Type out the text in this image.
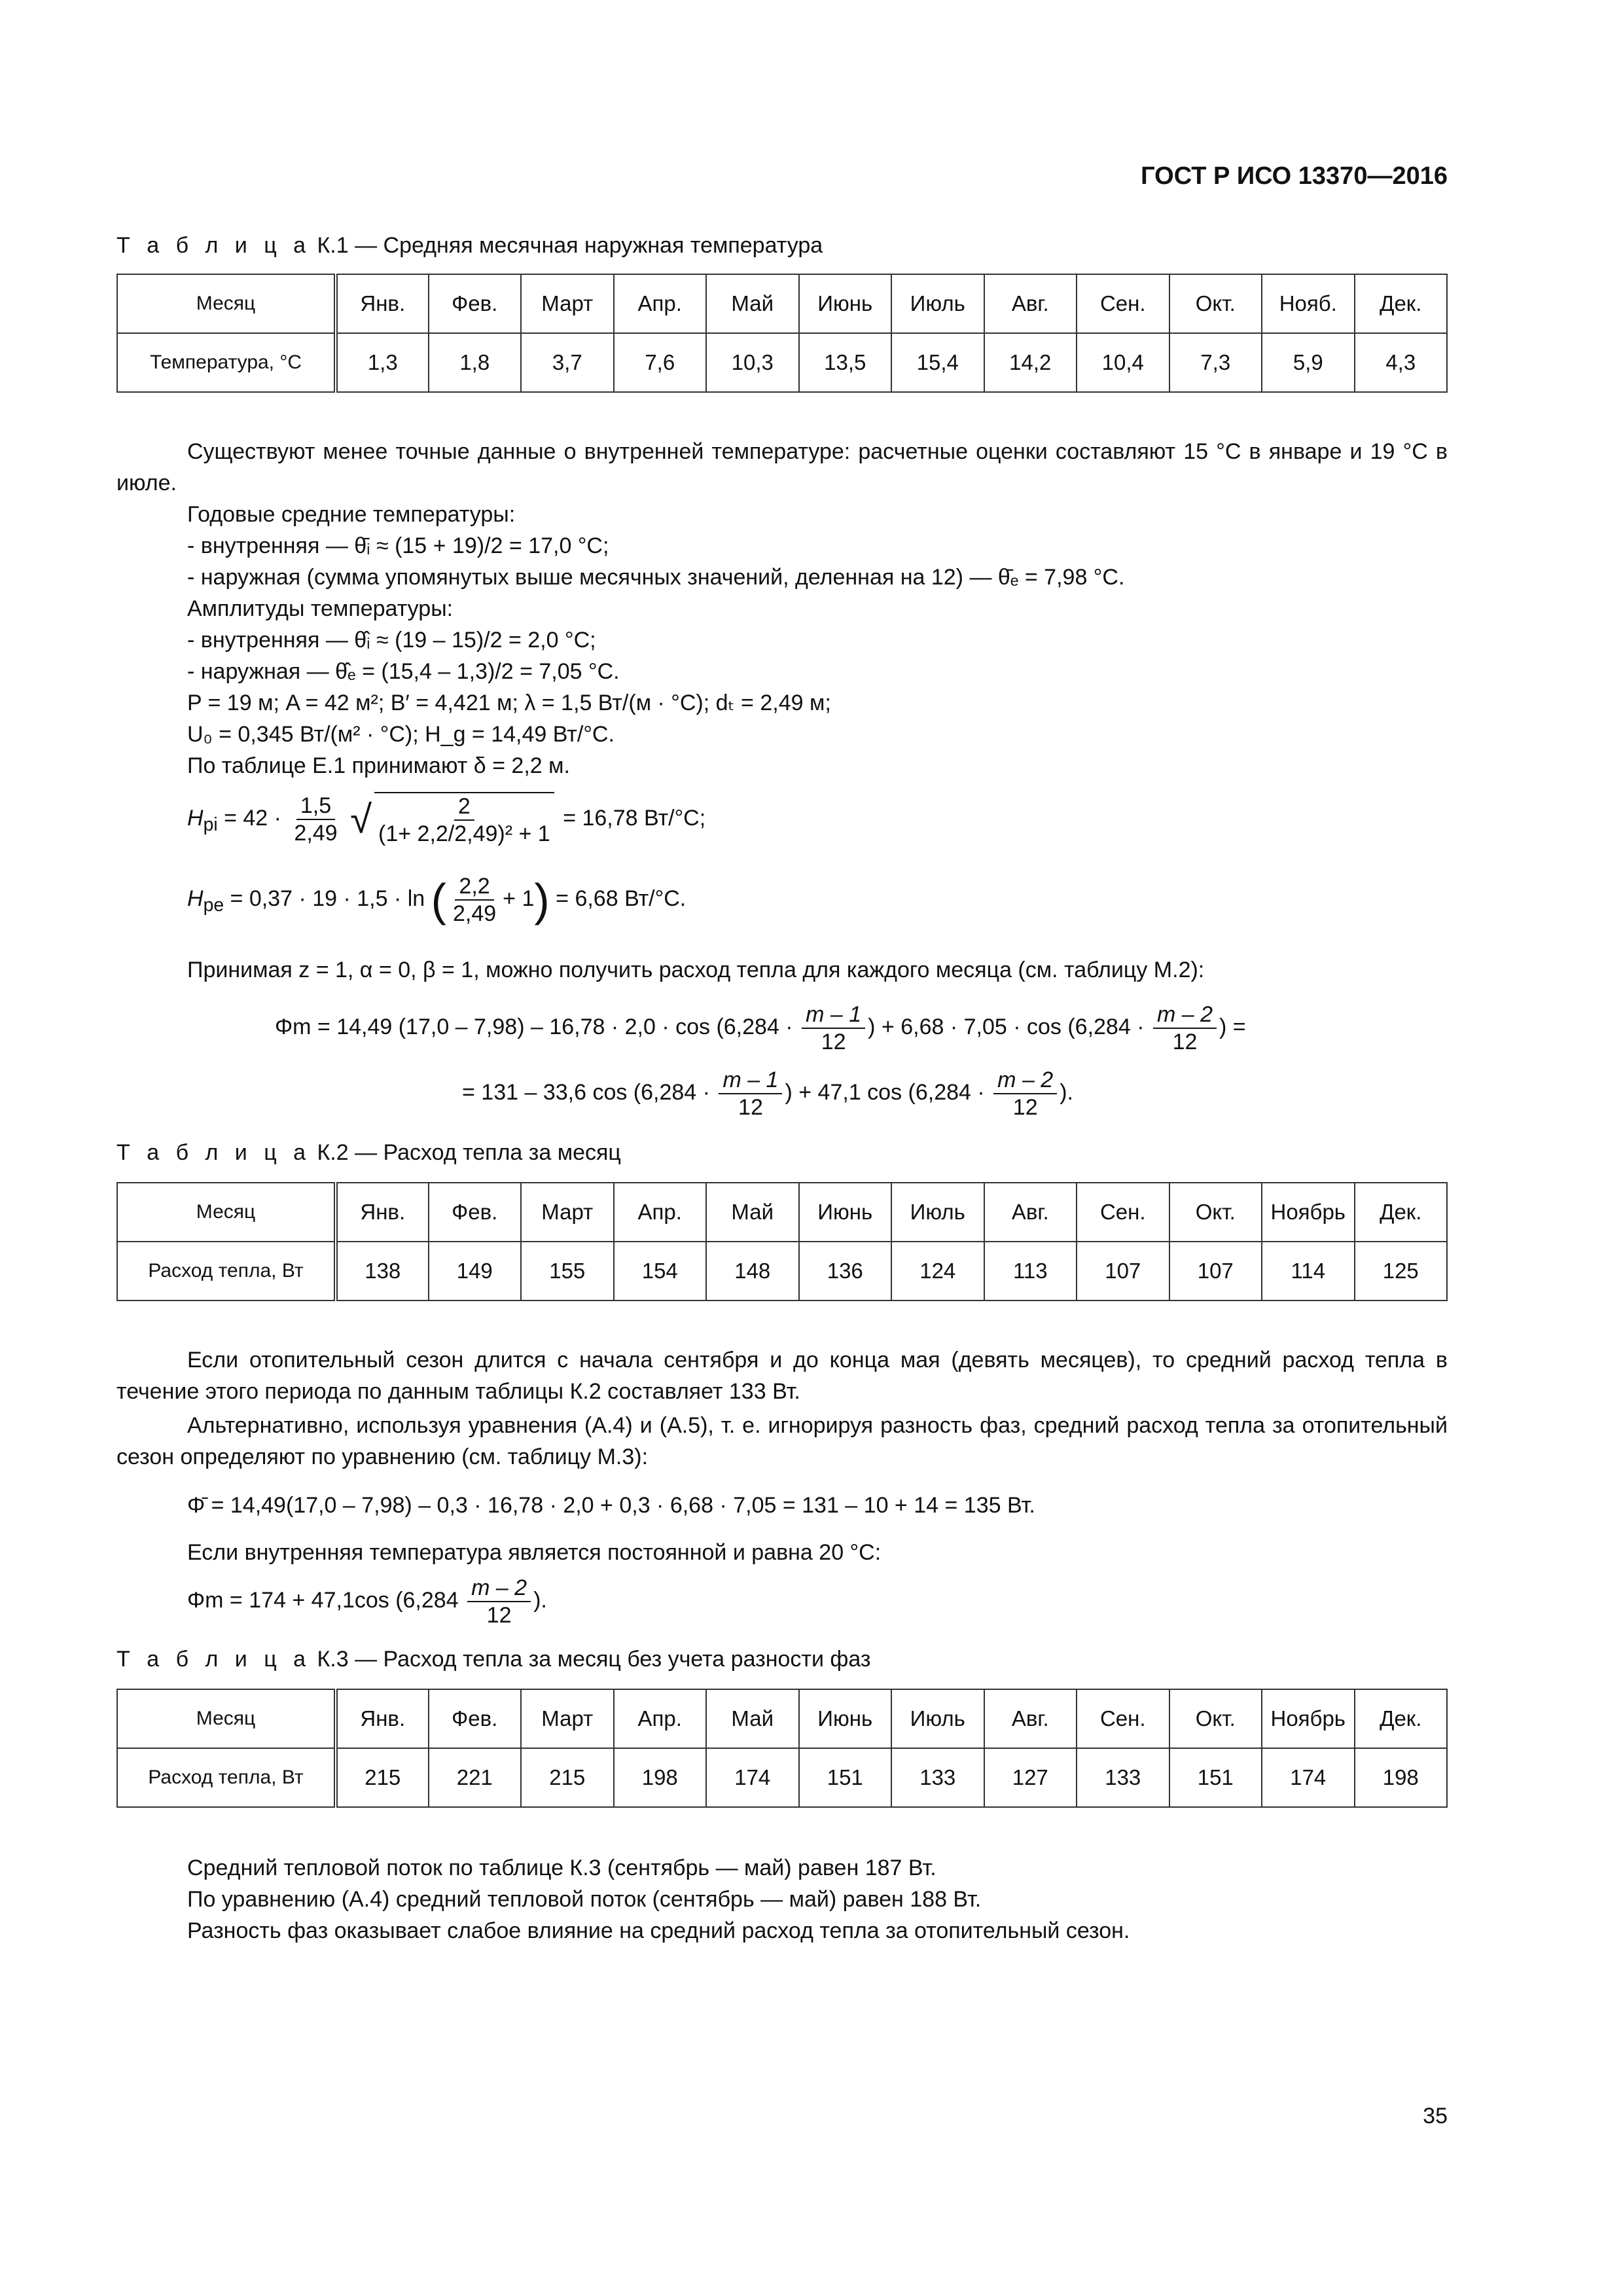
ГОСТ Р ИСО 13370—2016
Т а б л и ц а К.1 — Средняя месячная наружная температура
Месяц	Янв.	Фев.	Март	Апр.	Май	Июнь	Июль	Авг.	Сен.	Окт.	Нояб.	Дек.
Температура, °С	1,3	1,8	3,7	7,6	10,3	13,5	15,4	14,2	10,4	7,3	5,9	4,3
Существуют менее точные данные о внутренней температуре: расчетные оценки составляют 15 °С в январе и 19 °С в июле.
Годовые средние температуры:
- внутренняя — θ̄ᵢ ≈ (15 + 19)/2 = 17,0 °C;
- наружная (сумма упомянутых выше месячных значений, деленная на 12) — θ̄ₑ = 7,98 °C.
Амплитуды температуры:
- внутренняя — θ̂ᵢ ≈ (19 – 15)/2 = 2,0 °C;
- наружная — θ̂ₑ = (15,4 – 1,3)/2 = 7,05 °C.
P = 19 м; A = 42 м²; B′ = 4,421 м; λ = 1,5 Вт/(м · °С); dₜ = 2,49 м;
U₀ = 0,345 Вт/(м² · °С); H_g = 14,49 Вт/°С.
По таблице Е.1 принимают δ = 2,2 м.
$H_{pi} = 42 \cdot \frac{1,5}{2,49}$ √ $\frac{2}{\text{(1+ 2,2/2,49)² + 1}} = 16,78$ Вт/°С;
$H_{pe} = 0,37 \cdot 19 \cdot 1,5 \cdot \ln$ ( $\frac{2,2}{2,49} + 1) = 6,68$ Вт/°С.
Принимая z = 1, α = 0, β = 1, можно получить расход тепла для каждого месяца (см. таблицу М.2):
Φm = 14,49 $(17,0 - 7,98) - 16,78 \cdot 2,0 \cdot \cos (6,284 \cdot \frac{m - 1}{12}$ ) + $6,68 \cdot 7,05 \cdot \cos (6,284 \cdot \frac{m - 2}{12}$ ) =
= 131 – 33,6 $\cos (6,284 \cdot \frac{m - 1}{12}$ ) + 47,1 $\cos (6,284 \cdot \frac{m - 2}{12}$ ).
Т а б л и ц а К.2 — Расход тепла за месяц
Месяц	Янв.	Фев.	Март	Апр.	Май	Июнь	Июль	Авг.	Сен.	Окт.	Ноябрь	Дек.
Расход тепла, Вт	138	149	155	154	148	136	124	113	107	107	114	125
Если отопительный сезон длится с начала сентября и до конца мая (девять месяцев), то средний расход тепла в течение этого периода по данным таблицы К.2 составляет 133 Вт.
Альтернативно, используя уравнения (А.4) и (А.5), т. е. игнорируя разность фаз, средний расход тепла за отопительный сезон определяют по уравнению (см. таблицу М.3):
Φ̄ = 14,49(17,0 – 7,98) – 0,3 · 16,78 · 2,0 + 0,3 · 6,68 · 7,05 = 131 – 10 + 14 = 135 Вт.
Если внутренняя температура является постоянной и равна 20 °С:
Φm = 174 + 47,1cos ($6,284 \frac{m - 2}{12}$ ).
Т а б л и ц а К.3 — Расход тепла за месяц без учета разности фаз
Месяц	Янв.	Фев.	Март	Апр.	Май	Июнь	Июль	Авг.	Сен.	Окт.	Ноябрь	Дек.
Расход тепла, Вт	215	221	215	198	174	151	133	127	133	151	174	198
Средний тепловой поток по таблице К.3 (сентябрь — май) равен 187 Вт.
По уравнению (А.4) средний тепловой поток (сентябрь — май) равен 188 Вт.
Разность фаз оказывает слабое влияние на средний расход тепла за отопительный сезон.
35
